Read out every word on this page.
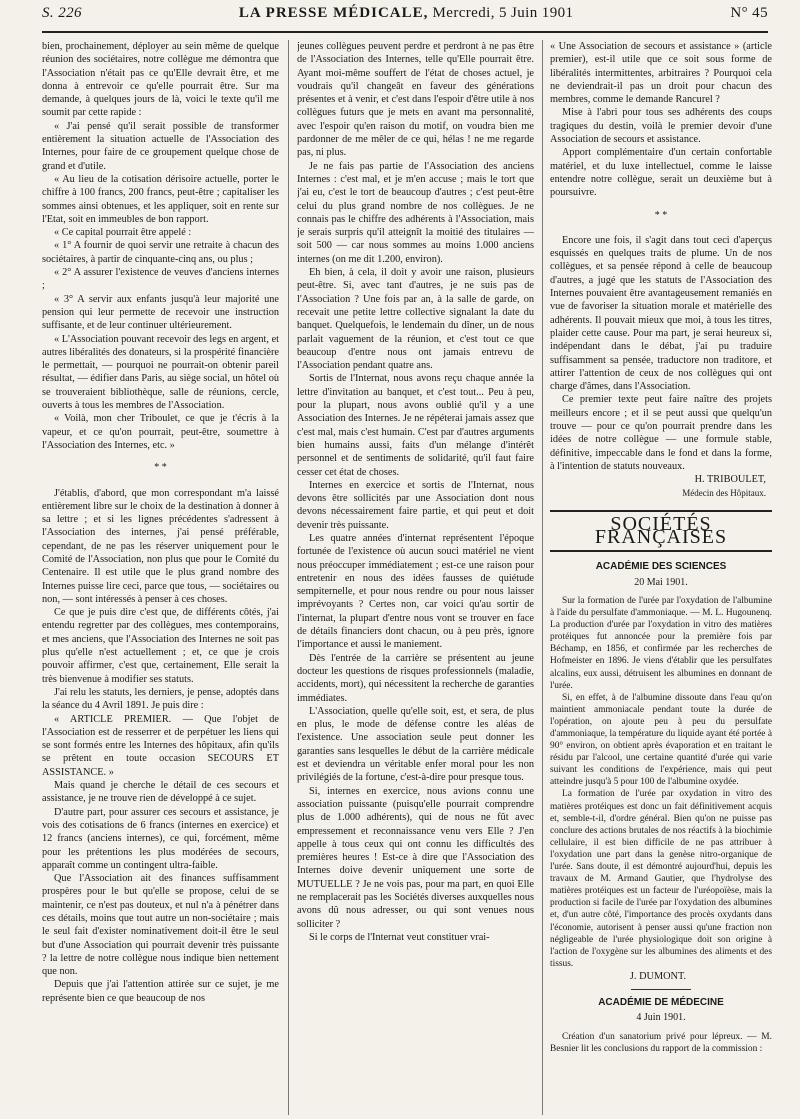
S. 226	LA PRESSE MÉDICALE, Mercredi, 5 Juin 1901	N° 45

bien, prochainement, déployer au sein même de quelque réunion des sociétaires, notre collègue me démontra que l'Association n'était pas ce qu'Elle devrait être, et me donna à entrevoir ce qu'elle pourrait être. Sur ma demande, à quelques jours de là, voici le texte qu'il me soumit par cette rapide :

« J'ai pensé qu'il serait possible de transformer entièrement la situation actuelle de l'Association des Internes, pour faire de ce groupement quelque chose de grand et d'utile.

« Au lieu de la cotisation dérisoire actuelle, porter le chiffre à 100 francs, 200 francs, peut-être ; capitaliser les sommes ainsi obtenues, et les appliquer, soit en rente sur l'Etat, soit en immeubles de bon rapport.

« Ce capital pourrait être appelé :

« 1° A fournir de quoi servir une retraite à chacun des sociétaires, à partir de cinquante-cinq ans, ou plus ;

« 2° A assurer l'existence de veuves d'anciens internes ;

« 3° A servir aux enfants jusqu'à leur majorité une pension qui leur permette de recevoir une instruction suffisante, et de leur continuer ultérieurement.

« L'Association pouvant recevoir des legs en argent, et autres libéralités des donateurs, si la prospérité financière le permettait, — pourquoi ne pourrait-on obtenir pareil résultat, — édifier dans Paris, au siège social, un hôtel où se trouveraient bibliothèque, salle de réunions, cercle, ouverts à tous les membres de l'Association.

« Voilà, mon cher Triboulet, ce que je t'écris à la vapeur, et ce qu'on pourrait, peut-être, soumettre à l'Association des Internes, etc. »

* *

J'établis, d'abord, que mon correspondant m'a laissé entièrement libre sur le choix de la destination à donner à sa lettre ; et si les lignes précédentes s'adressent à l'Association des internes, j'ai pensé préférable, cependant, de ne pas les réserver uniquement pour le Comité de l'Association, non plus que pour le Comité du Centenaire. Il est utile que le plus grand nombre des Internes puisse lire ceci, parce que tous, — sociétaires ou non, — sont intéressés à penser à ces choses.

Ce que je puis dire c'est que, de différents côtés, j'ai entendu regretter par des collègues, mes contemporains, et mes anciens, que l'Association des Internes ne soit pas plus qu'elle n'est actuellement ; et, ce que je crois pouvoir affirmer, c'est que, certainement, Elle serait la très bienvenue à modifier ses statuts.

J'ai relu les statuts, les derniers, je pense, adoptés dans la séance du 4 Avril 1891. Je puis dire :

« ARTICLE PREMIER. — Que l'objet de l'Association est de resserrer et de perpétuer les liens qui se sont formés entre les Internes des hôpitaux, afin qu'ils se prêtent en toute occasion SECOURS ET ASSISTANCE. »

Mais quand je cherche le détail de ces secours et assistance, je ne trouve rien de développé à ce sujet.

D'autre part, pour assurer ces secours et assistance, je vois des cotisations de 6 francs (internes en exercice) et 12 francs (anciens internes), ce qui, forcément, même pour les prétentions les plus modérées de secours, apparaît comme un contingent ultra-faible.

Que l'Association ait des finances suffisamment prospères pour le but qu'elle se propose, celui de se maintenir, ce n'est pas douteux, et nul n'a à pénétrer dans ces détails, moins que tout autre un non-sociétaire ; mais le seul fait d'exister nominativement doit-il être le seul but d'une Association qui pourrait devenir très puissante ? la lettre de notre collègue nous indique bien nettement que non.

Depuis que j'ai l'attention attirée sur ce sujet, je me représente bien ce que beaucoup de nos

jeunes collègues peuvent perdre et perdront à ne pas être de l'Association des Internes, telle qu'Elle pourrait être. Ayant moi-même souffert de l'état de choses actuel, je voudrais qu'il changeât en faveur des générations présentes et à venir, et c'est dans l'espoir d'être utile à nos collègues futurs que je mets en avant ma personnalité, avec l'espoir qu'en raison du motif, on voudra bien me pardonner de me mêler de ce qui, hélas ! ne me regarde pas, ni plus.

Je ne fais pas partie de l'Association des anciens Internes : c'est mal, et je m'en accuse ; mais le tort que j'ai eu, c'est le tort de beaucoup d'autres ; c'est peut-être celui du plus grand nombre de nos collègues. Je ne connais pas le chiffre des adhérents à l'Association, mais je serais surpris qu'il atteignît la moitié des titulaires — soit 500 — car nous sommes au moins 1.000 anciens internes (on me dit 1.200, environ).

Eh bien, à cela, il doit y avoir une raison, plusieurs peut-être. Si, avec tant d'autres, je ne suis pas de l'Association ? Une fois par an, à la salle de garde, on recevait une petite lettre collective signalant la date du banquet. Quelquefois, le lendemain du dîner, un de nous parlait vaguement de la réunion, et c'est tout ce que beaucoup d'entre nous ont jamais entrevu de l'Association pendant quatre ans.

Sortis de l'Internat, nous avons reçu chaque année la lettre d'invitation au banquet, et c'est tout... Peu à peu, pour la plupart, nous avons oublié qu'il y a une Association des Internes. Je ne répéterai jamais assez que c'est mal, mais c'est humain. C'est par d'autres arguments bien humains aussi, faits d'un mélange d'intérêt personnel et de sentiments de solidarité, qu'il faut faire cesser cet état de choses.

Internes en exercice et sortis de l'Internat, nous devons être sollicités par une Association dont nous devons nécessairement faire partie, et qui peut et doit devenir très puissante.

Les quatre années d'internat représentent l'époque fortunée de l'existence où aucun souci matériel ne vient nous préoccuper immédiatement ; est-ce une raison pour entretenir en nous des idées fausses de quiétude sempiternelle, et pour nous rendre ou pour nous laisser imprévoyants ? Certes non, car voici qu'au sortir de l'internat, la plupart d'entre nous vont se trouver en face de détails financiers dont chacun, ou à peu près, ignore l'importance et aussi le maniement.

Dès l'entrée de la carrière se présentent au jeune docteur les questions de risques professionnels (maladie, accidents, mort), qui nécessitent la recherche de garanties immédiates.

L'Association, quelle qu'elle soit, est, et sera, de plus en plus, le mode de défense contre les aléas de l'existence. Une association seule peut donner les garanties sans lesquelles le début de la carrière médicale est et deviendra un véritable enfer moral pour les non privilégiés de la fortune, c'est-à-dire pour presque tous.

Si, internes en exercice, nous avions connu une association puissante (puisqu'elle pourrait comprendre plus de 1.000 adhérents), qui de nous ne fût avec empressement et reconnaissance venu vers Elle ? J'en appelle à tous ceux qui ont connu les difficultés des premières heures ! Est-ce à dire que l'Association des Internes doive devenir uniquement une sorte de MUTUELLE ? Je ne vois pas, pour ma part, en quoi Elle ne remplacerait pas les Sociétés diverses auxquelles nous avons dû nous adresser, ou qui sont venues nous solliciter ?

Si le corps de l'Internat veut constituer vrai-

« Une Association de secours et assistance » (article premier), est-il utile que ce soit sous forme de libéralités intermittentes, arbitraires ? Pourquoi cela ne deviendrait-il pas un droit pour chacun des membres, comme le demande Rancurel ?

Mise à l'abri pour tous ses adhérents des coups tragiques du destin, voilà le premier devoir d'une Association de secours et assistance.

Apport complémentaire d'un certain confortable matériel, et du luxe intellectuel, comme le laisse entendre notre collègue, serait un deuxième but à poursuivre.

* *

Encore une fois, il s'agit dans tout ceci d'aperçus esquissés en quelques traits de plume. Un de nos collègues, et sa pensée répond à celle de beaucoup d'autres, a jugé que les statuts de l'Association des Internes pouvaient être avantageusement remaniés en vue de favoriser la situation morale et matérielle des adhérents. Il pouvait mieux que moi, à tous les titres, plaider cette cause. Pour ma part, je serai heureux si, indépendant dans le débat, j'ai pu traduire suffisamment sa pensée, traductore non traditore, et attirer l'attention de ceux de nos collègues qui ont charge d'âmes, dans l'Association.

Ce premier texte peut faire naître des projets meilleurs encore ; et il se peut aussi que quelqu'un trouve — pour ce qu'on pourrait prendre dans les idées de notre collègue — une formule stable, définitive, impeccable dans le fond et dans la forme, à l'intention de statuts nouveaux.

H. TRIBOULET,
Médecin des Hôpitaux.
SOCIÉTÉS FRANÇAISES
ACADÉMIE DES SCIENCES
20 Mai 1901.

Sur la formation de l'urée par l'oxydation de l'albumine à l'aide du persulfate d'ammoniaque. — M. L. Hugounenq. La production d'urée par l'oxydation in vitro des matières protéiques fut annoncée pour la première fois par Béchamp, en 1856, et confirmée par les recherches de Hofmeister en 1896. Je viens d'établir que les persulfates alcalins, eux aussi, détruisent les albumines en donnant de l'urée.

Si, en effet, à de l'albumine dissoute dans l'eau qu'on maintient ammoniacale pendant toute la durée de l'opération, on ajoute peu à peu du persulfate d'ammoniaque, la température du liquide ayant été portée à 90° environ, on obtient après évaporation et en traitant le résidu par l'alcool, une certaine quantité d'urée qui varie suivant les conditions de l'expérience, mais qui peut atteindre jusqu'à 5 pour 100 de l'albumine oxydée.

La formation de l'urée par oxydation in vitro des matières protéiques est donc un fait définitivement acquis et, semble-t-il, d'ordre général. Bien qu'on ne puisse pas conclure des actions brutales de nos réactifs à la biochimie cellulaire, il est bien difficile de ne pas attribuer à l'oxydation une part dans la genèse nitro-organique de l'urée. Sans doute, il est démontré aujourd'hui, depuis les travaux de M. Armand Gautier, que l'hydrolyse des matières protéiques est un facteur de l'uréopoïèse, mais la production si facile de l'urée par l'oxydation des albumines et, d'un autre côté, l'importance des procès oxydants dans l'économie, autorisent à penser aussi qu'une fraction non négligeable de l'urée physiologique doit son origine à l'action de l'oxygène sur les albumines des aliments et des tissus.

J. DUMONT.
ACADÉMIE DE MÉDECINE
4 Juin 1901.

Création d'un sanatorium privé pour lépreux. — M. Besnier lit les conclusions du rapport de la commission :
